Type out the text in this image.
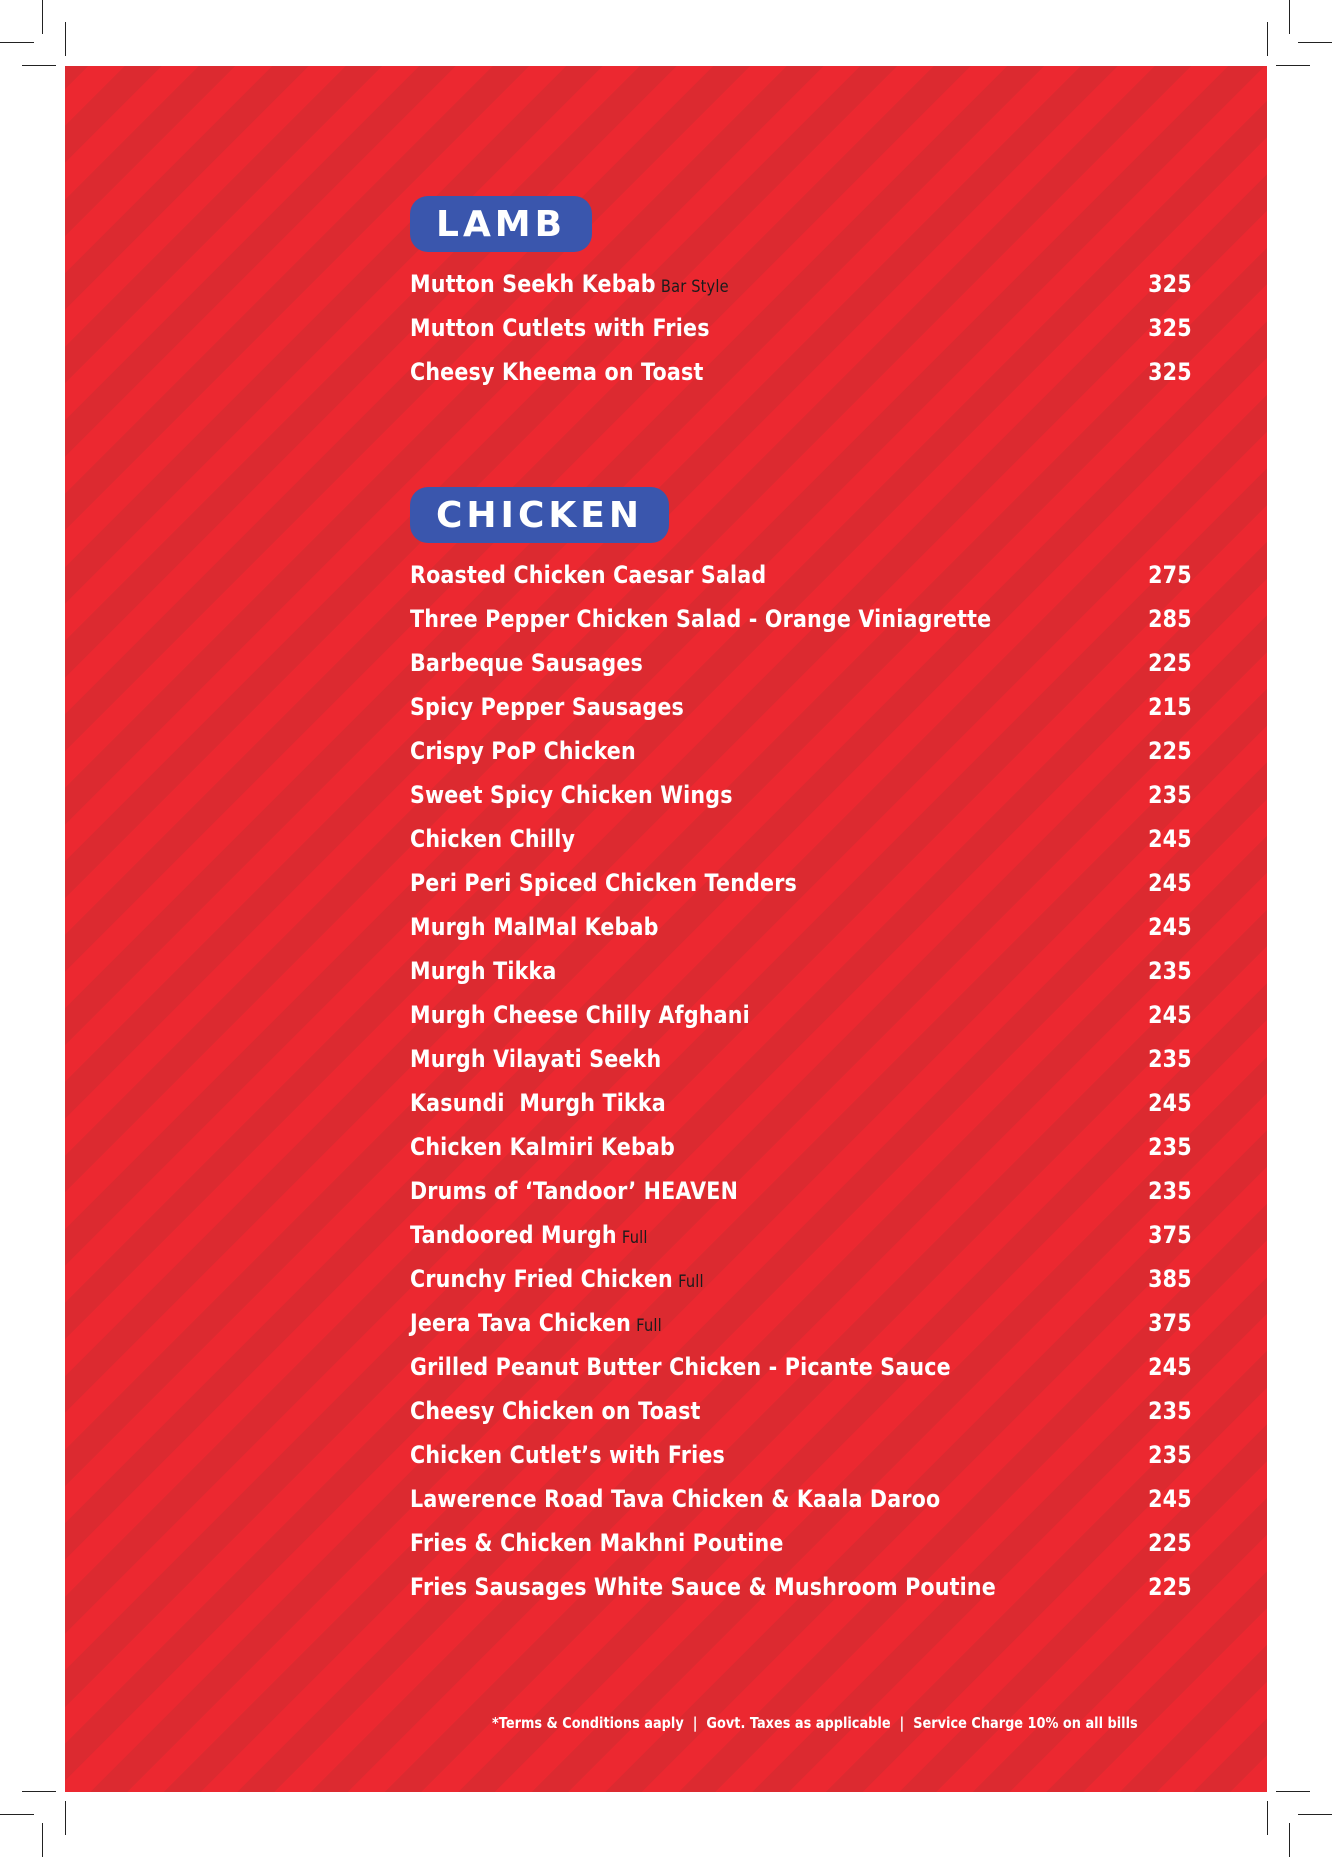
LAMB
Mutton Seekh Kebab Bar Style	325
Mutton Cutlets with Fries	325
Cheesy Kheema on Toast	325
CHICKEN
Roasted Chicken Caesar Salad	275
Three Pepper Chicken Salad - Orange Viniagrette	285
Barbeque Sausages	225
Spicy Pepper Sausages	215
Crispy PoP Chicken	225
Sweet Spicy Chicken Wings	235
Chicken Chilly	245
Peri Peri Spiced Chicken Tenders	245
Murgh MalMal Kebab	245
Murgh Tikka	235
Murgh Cheese Chilly Afghani	245
Murgh Vilayati Seekh	235
Kasundi  Murgh Tikka	245
Chicken Kalmiri Kebab	235
Drums of ‘Tandoor’ HEAVEN	235
Tandoored Murgh Full	375
Crunchy Fried Chicken Full	385
Jeera Tava Chicken Full	375
Grilled Peanut Butter Chicken - Picante Sauce	245
Cheesy Chicken on Toast	235
Chicken Cutlet’s with Fries	235
Lawerence Road Tava Chicken & Kaala Daroo	245
Fries & Chicken Makhni Poutine	225
Fries Sausages White Sauce & Mushroom Poutine	225
*Terms & Conditions aaply  |  Govt. Taxes as applicable  |  Service Charge 10% on all bills
